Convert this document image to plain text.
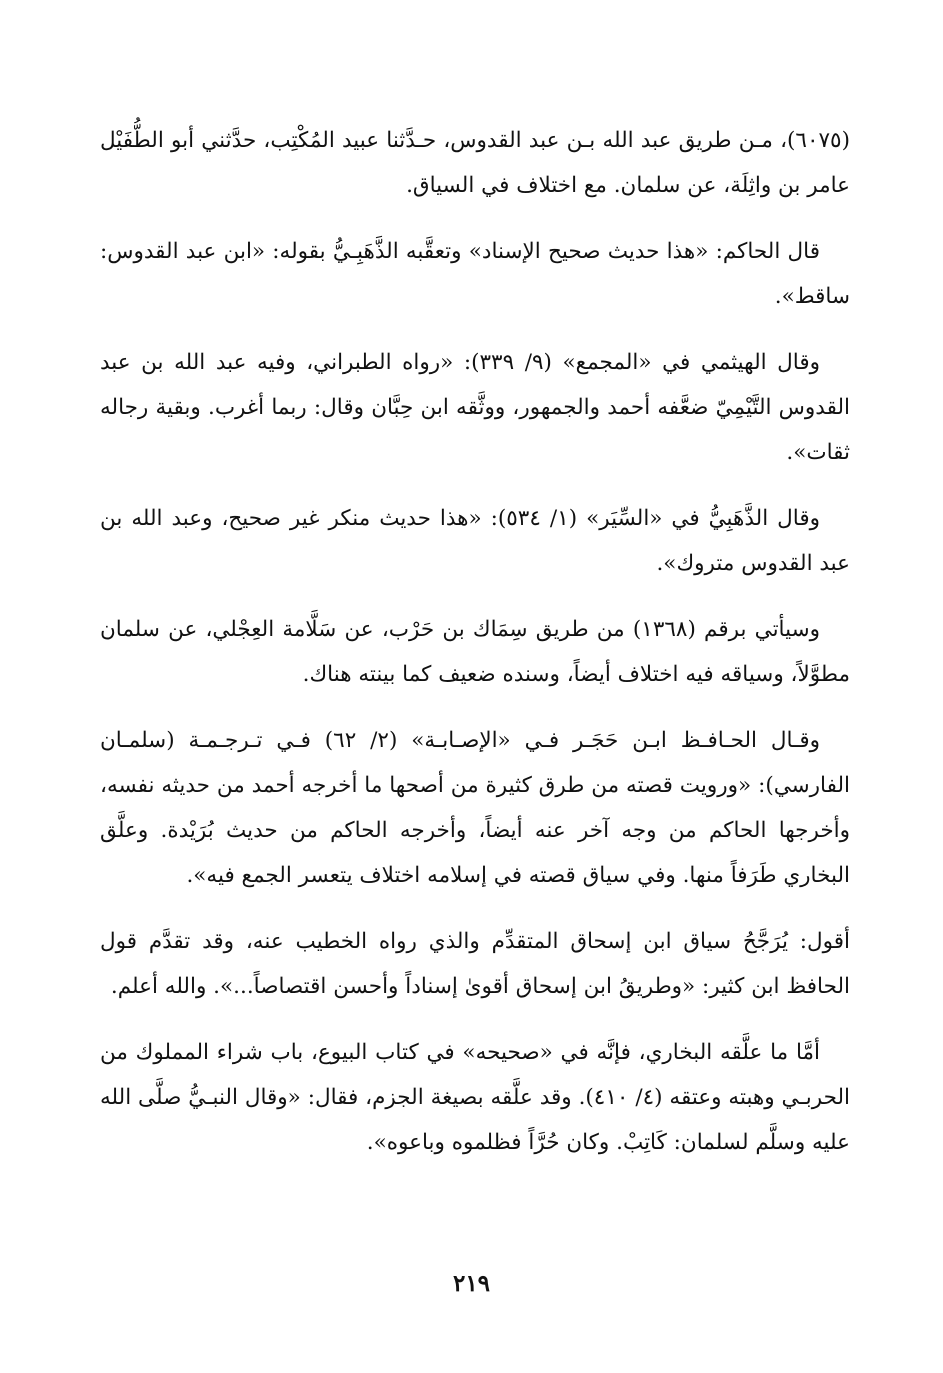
(٦٠٧٥)، مـن طريق عبد الله بـن عبد القدوس، حـدَّثنا عبيد المُكْتِب، حدَّثني أبو الطُّفَيْل عامر بن واثِلَة، عن سلمان. مع اختلاف في السياق.

قال الحاكم: «هذا حديث صحيح الإسناد» وتعقَّبه الذَّهَبِـيُّ بقوله: «ابن عبد القدوس: ساقط».

وقال الهيثمي في «المجمع» (٩/ ٣٣٩): «رواه الطبراني، وفيه عبد الله بن عبد القدوس التَّيْمِيّ ضعَّفه أحمد والجمهور، ووثَّقه ابن حِبَّان وقال: ربما أغرب. وبقية رجاله ثقات».

وقال الذَّهَبِيُّ في «السِّيَر» (١/ ٥٣٤): «هذا حديث منكر غير صحيح، وعبد الله بن عبد القدوس متروك».

وسيأتي برقم (١٣٦٨) من طريق سِمَاك بن حَرْب، عن سَلَّامة العِجْلي، عن سلمان مطوَّلاً، وسياقه فيه اختلاف أيضاً، وسنده ضعيف كما بينته هناك.

وقـال الحـافـظ ابـن حَجَـر فـي «الإصـابـة» (٢/ ٦٢) فـي تـرجـمـة (سلمـان الفارسي): «ورويت قصته من طرق كثيرة من أصحها ما أخرجه أحمد من حديثه نفسه، وأخرجها الحاكم من وجه آخر عنه أيضاً، وأخرجه الحاكم من حديث بُرَيْدة. وعلَّق البخاري طَرَفاً منها. وفي سياق قصته في إسلامه اختلاف يتعسر الجمع فيه».

أقول: يُرَجَّحُ سياق ابن إسحاق المتقدِّم والذي رواه الخطيب عنه، وقد تقدَّم قول الحافظ ابن كثير: «وطريقُ ابن إسحاق أقوىٰ إسناداً وأحسن اقتصاصاً...». والله أعلم.

أمَّا ما علَّقه البخاري، فإنَّه في «صحيحه» في كتاب البيوع، باب شراء المملوك من الحربـي وهبته وعتقه (٤/ ٤١٠). وقد علَّقه بصيغة الجزم، فقال: «وقال النبـيُّ صلَّى الله عليه وسلَّم لسلمان: كَاتِبْ. وكان حُرَّاً فظلموه وباعوه».

٢١٩
